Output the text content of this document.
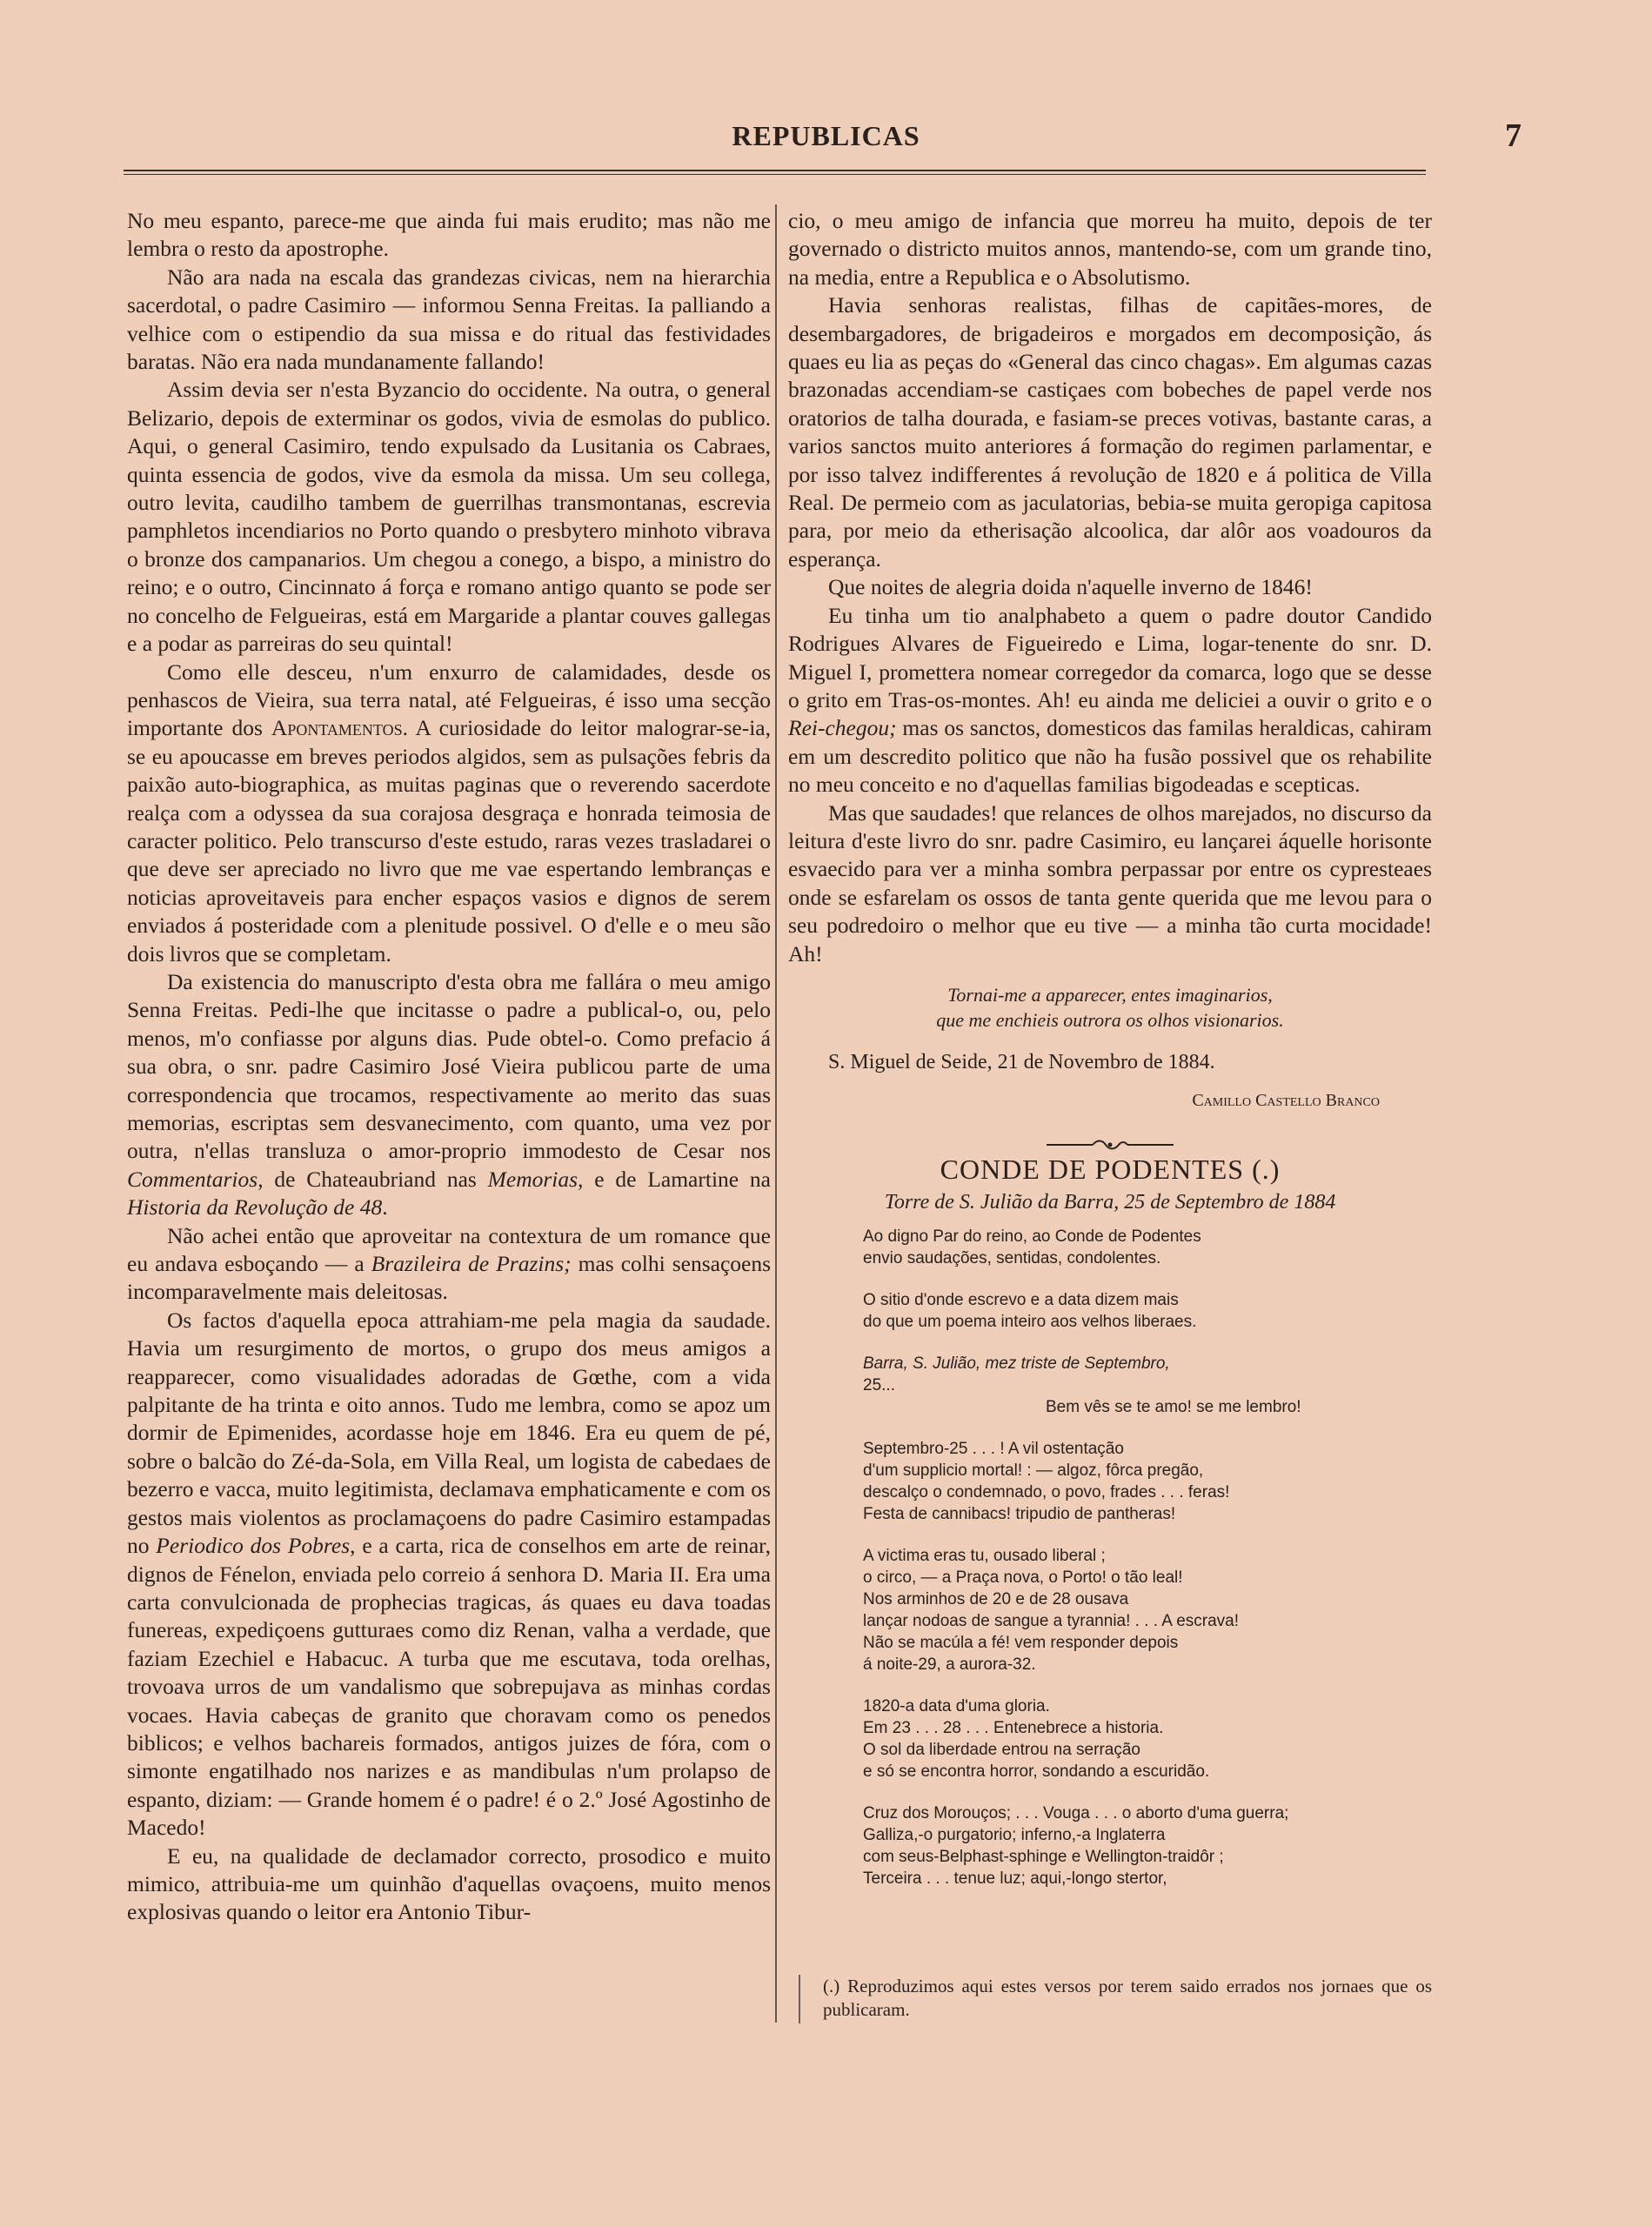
REPUBLICAS	7

No meu espanto, parece-me que ainda fui mais erudito; mas não me lembra o resto da apostrophe.

Não ara nada na escala das grandezas civicas, nem na hierarchia sacerdotal, o padre Casimiro — informou Senna Freitas. Ia palliando a velhice com o estipendio da sua missa e do ritual das festividades baratas. Não era nada mundanamente fallando!

Assim devia ser n'esta Byzancio do occidente. Na outra, o general Belizario, depois de exterminar os godos, vivia de esmolas do publico. Aqui, o general Casimiro, tendo expulsado da Lusitania os Cabraes, quinta essencia de godos, vive da esmola da missa. Um seu collega, outro levita, caudilho tambem de guerrilhas transmontanas, escrevia pamphletos incendiarios no Porto quando o presbytero minhoto vibrava o bronze dos campanarios. Um chegou a conego, a bispo, a ministro do reino; e o outro, Cincinnato á força e romano antigo quanto se pode ser no concelho de Felgueiras, está em Margaride a plantar couves gallegas e a podar as parreiras do seu quintal!

Como elle desceu, n'um enxurro de calamidades, desde os penhascos de Vieira, sua terra natal, até Felgueiras, é isso uma secção importante dos Apontamentos. A curiosidade do leitor malograr-se-ia, se eu apoucasse em breves periodos algidos, sem as pulsações febris da paixão auto-biographica, as muitas paginas que o reverendo sacerdote realça com a odyssea da sua corajosa desgraça e honrada teimosia de caracter politico. Pelo transcurso d'este estudo, raras vezes trasladarei o que deve ser apreciado no livro que me vae espertando lembranças e noticias aproveitaveis para encher espaços vasios e dignos de serem enviados á posteridade com a plenitude possivel. O d'elle e o meu são dois livros que se completam.

Da existencia do manuscripto d'esta obra me fallára o meu amigo Senna Freitas. Pedi-lhe que incitasse o padre a publical-o, ou, pelo menos, m'o confiasse por alguns dias. Pude obtel-o. Como prefacio á sua obra, o snr. padre Casimiro José Vieira publicou parte de uma correspondencia que trocamos, respectivamente ao merito das suas memorias, escriptas sem desvanecimento, com quanto, uma vez por outra, n'ellas transluza o amor-proprio immodesto de Cesar nos Commentarios, de Chateaubriand nas Memorias, e de Lamartine na Historia da Revolução de 48.

Não achei então que aproveitar na contextura de um romance que eu andava esboçando — a Brazileira de Prazins; mas colhi sensaçoens incomparavelmente mais deleitosas.

Os factos d'aquella epoca attrahiam-me pela magia da saudade. Havia um resurgimento de mortos, o grupo dos meus amigos a reapparecer, como visualidades adoradas de Gœthe, com a vida palpitante de ha trinta e oito annos. Tudo me lembra, como se apoz um dormir de Epimenides, acordasse hoje em 1846. Era eu quem de pé, sobre o balcão do Zé-da-Sola, em Villa Real, um logista de cabedaes de bezerro e vacca, muito legitimista, declamava emphaticamente e com os gestos mais violentos as proclamaçoens do padre Casimiro estampadas no Periodico dos Pobres, e a carta, rica de conselhos em arte de reinar, dignos de Fénelon, enviada pelo correio á senhora D. Maria II. Era uma carta convulcionada de prophecias tragicas, ás quaes eu dava toadas funereas, expediçoens gutturaes como diz Renan, valha a verdade, que faziam Ezechiel e Habacuc. A turba que me escutava, toda orelhas, trovoava urros de um vandalismo que sobrepujava as minhas cordas vocaes. Havia cabeças de granito que choravam como os penedos biblicos; e velhos bachareis formados, antigos juizes de fóra, com o simonte engatilhado nos narizes e as mandibulas n'um prolapso de espanto, diziam: — Grande homem é o padre! é o 2.º José Agostinho de Macedo!

E eu, na qualidade de declamador correcto, prosodico e muito mimico, attribuia-me um quinhão d'aquellas ovaçoens, muito menos explosivas quando o leitor era Antonio Tibur-

cio, o meu amigo de infancia que morreu ha muito, depois de ter governado o districto muitos annos, mantendo-se, com um grande tino, na media, entre a Republica e o Absolutismo.

Havia senhoras realistas, filhas de capitães-mores, de desembargadores, de brigadeiros e morgados em decomposição, ás quaes eu lia as peças do «General das cinco chagas». Em algumas cazas brazonadas accendiam-se castiçaes com bobeches de papel verde nos oratorios de talha dourada, e fasiam-se preces votivas, bastante caras, a varios sanctos muito anteriores á formação do regimen parlamentar, e por isso talvez indifferentes á revolução de 1820 e á politica de Villa Real. De permeio com as jaculatorias, bebia-se muita geropiga capitosa para, por meio da etherisação alcoolica, dar alôr aos voadouros da esperança.

Que noites de alegria doida n'aquelle inverno de 1846!

Eu tinha um tio analphabeto a quem o padre doutor Candido Rodrigues Alvares de Figueiredo e Lima, logar-tenente do snr. D. Miguel I, promettera nomear corregedor da comarca, logo que se desse o grito em Tras-os-montes. Ah! eu ainda me deliciei a ouvir o grito e o Rei-chegou; mas os sanctos, domesticos das familas heraldicas, cahiram em um descredito politico que não ha fusão possivel que os rehabilite no meu conceito e no d'aquellas familias bigodeadas e scepticas.

Mas que saudades! que relances de olhos marejados, no discurso da leitura d'este livro do snr. padre Casimiro, eu lançarei áquelle horisonte esvaecido para ver a minha sombra perpassar por entre os cypresteaes onde se esfarelam os ossos de tanta gente querida que me levou para o seu podredoiro o melhor que eu tive — a minha tão curta mocidade! Ah!

Tornai-me a apparecer, entes imaginarios,
que me enchieis outrora os olhos visionarios.
S. Miguel de Seide, 21 de Novembro de 1884.
Camillo Castello Branco
CONDE DE PODENTES (.)
Torre de S. Julião da Barra, 25 de Septembro de 1884
Ao digno Par do reino, ao Conde de Podentes
envio saudações, sentidas, condolentes.
O sitio d'onde escrevo e a data dizem mais
do que um poema inteiro aos velhos liberaes.
Barra, S. Julião, mez triste de Septembro,
25...
Bem vês se te amo! se me lembro!
Septembro-25 . . . ! A vil ostentação
d'um supplicio mortal! : — algoz, fôrca pregão,
descalço o condemnado, o povo, frades . . . feras!
Festa de cannibacs! tripudio de pantheras!
A victima eras tu, ousado liberal ;
o circo, — a Praça nova, o Porto! o tão leal!
Nos arminhos de 20 e de 28 ousava
lançar nodoas de sangue a tyrannia! . . . A escrava!
Não se macúla a fé! vem responder depois
á noite-29, a aurora-32.
1820-a data d'uma gloria.
Em 23 . . . 28 . . . Entenebrece a historia.
O sol da liberdade entrou na serração
e só se encontra horror, sondando a escuridão.
Cruz dos Morouços; . . . Vouga . . . o aborto d'uma guerra;
Galliza,-o purgatorio; inferno,-a Inglaterra
com seus-Belphast-sphinge e Wellington-traidôr ;
Terceira . . . tenue luz; aqui,-longo stertor,
(.) Reproduzimos aqui estes versos por terem saido errados nos jornaes que os publicaram.
